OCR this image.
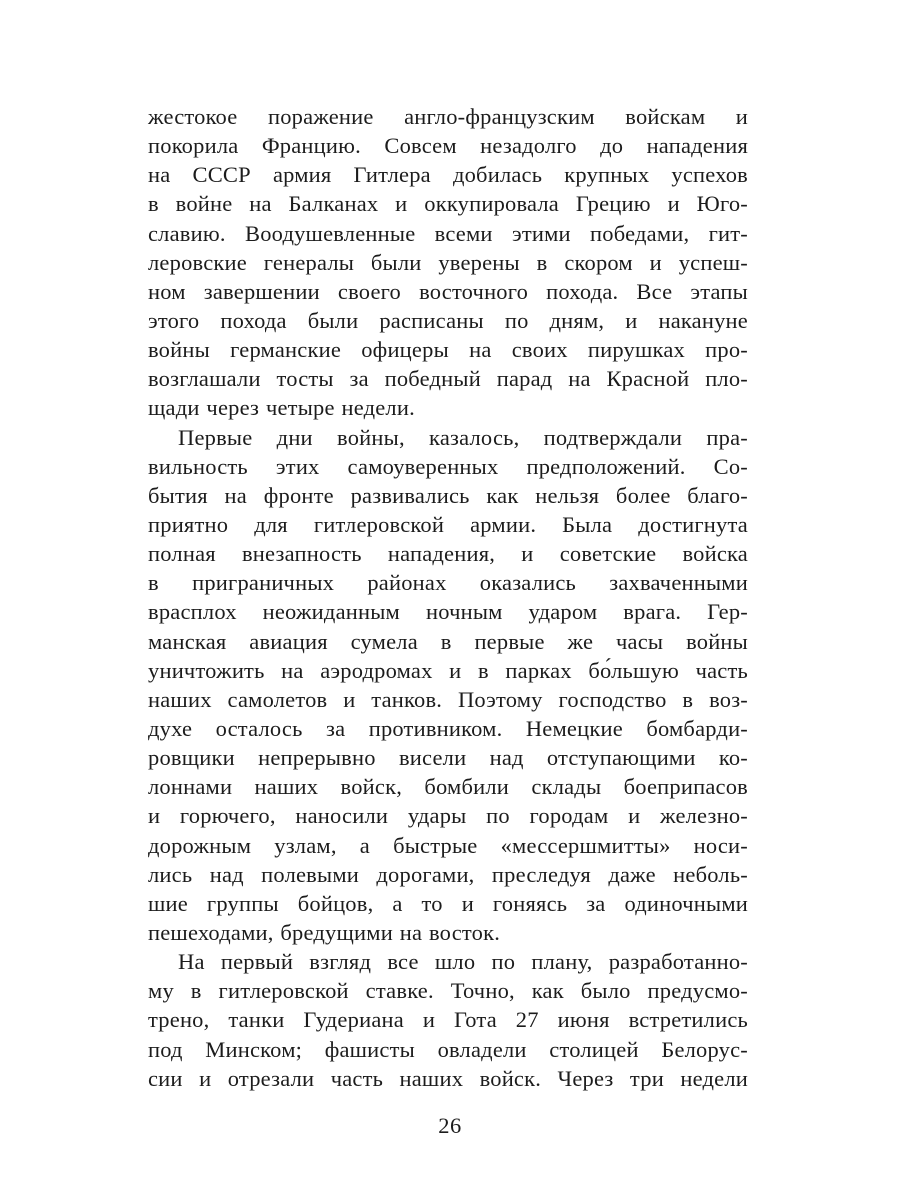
жестокое поражение англо-французским войскам и
покорила Францию. Совсем незадолго до нападения
на СССР армия Гитлера добилась крупных успехов
в войне на Балканах и оккупировала Грецию и Юго-
славию. Воодушевленные всеми этими победами, гит-
леровские генералы были уверены в скором и успеш-
ном завершении своего восточного похода. Все этапы
этого похода были расписаны по дням, и накануне
войны германские офицеры на своих пирушках про-
возглашали тосты за победный парад на Красной пло-
щади через четыре недели.
Первые дни войны, казалось, подтверждали пра-
вильность этих самоуверенных предположений. Со-
бытия на фронте развивались как нельзя более благо-
приятно для гитлеровской армии. Была достигнута
полная внезапность нападения, и советские войска
в приграничных районах оказались захваченными
врасплох неожиданным ночным ударом врага. Гер-
манская авиация сумела в первые же часы войны
уничтожить на аэродромах и в парках бо́льшую часть
наших самолетов и танков. Поэтому господство в воз-
духе осталось за противником. Немецкие бомбарди-
ровщики непрерывно висели над отступающими ко-
лоннами наших войск, бомбили склады боеприпасов
и горючего, наносили удары по городам и железно-
дорожным узлам, а быстрые «мессершмитты» носи-
лись над полевыми дорогами, преследуя даже неболь-
шие группы бойцов, а то и гоняясь за одиночными
пешеходами, бредущими на восток.
На первый взгляд все шло по плану, разработанно-
му в гитлеровской ставке. Точно, как было предусмо-
трено, танки Гудериана и Гота 27 июня встретились
под Минском; фашисты овладели столицей Белорус-
сии и отрезали часть наших войск. Через три недели
26
